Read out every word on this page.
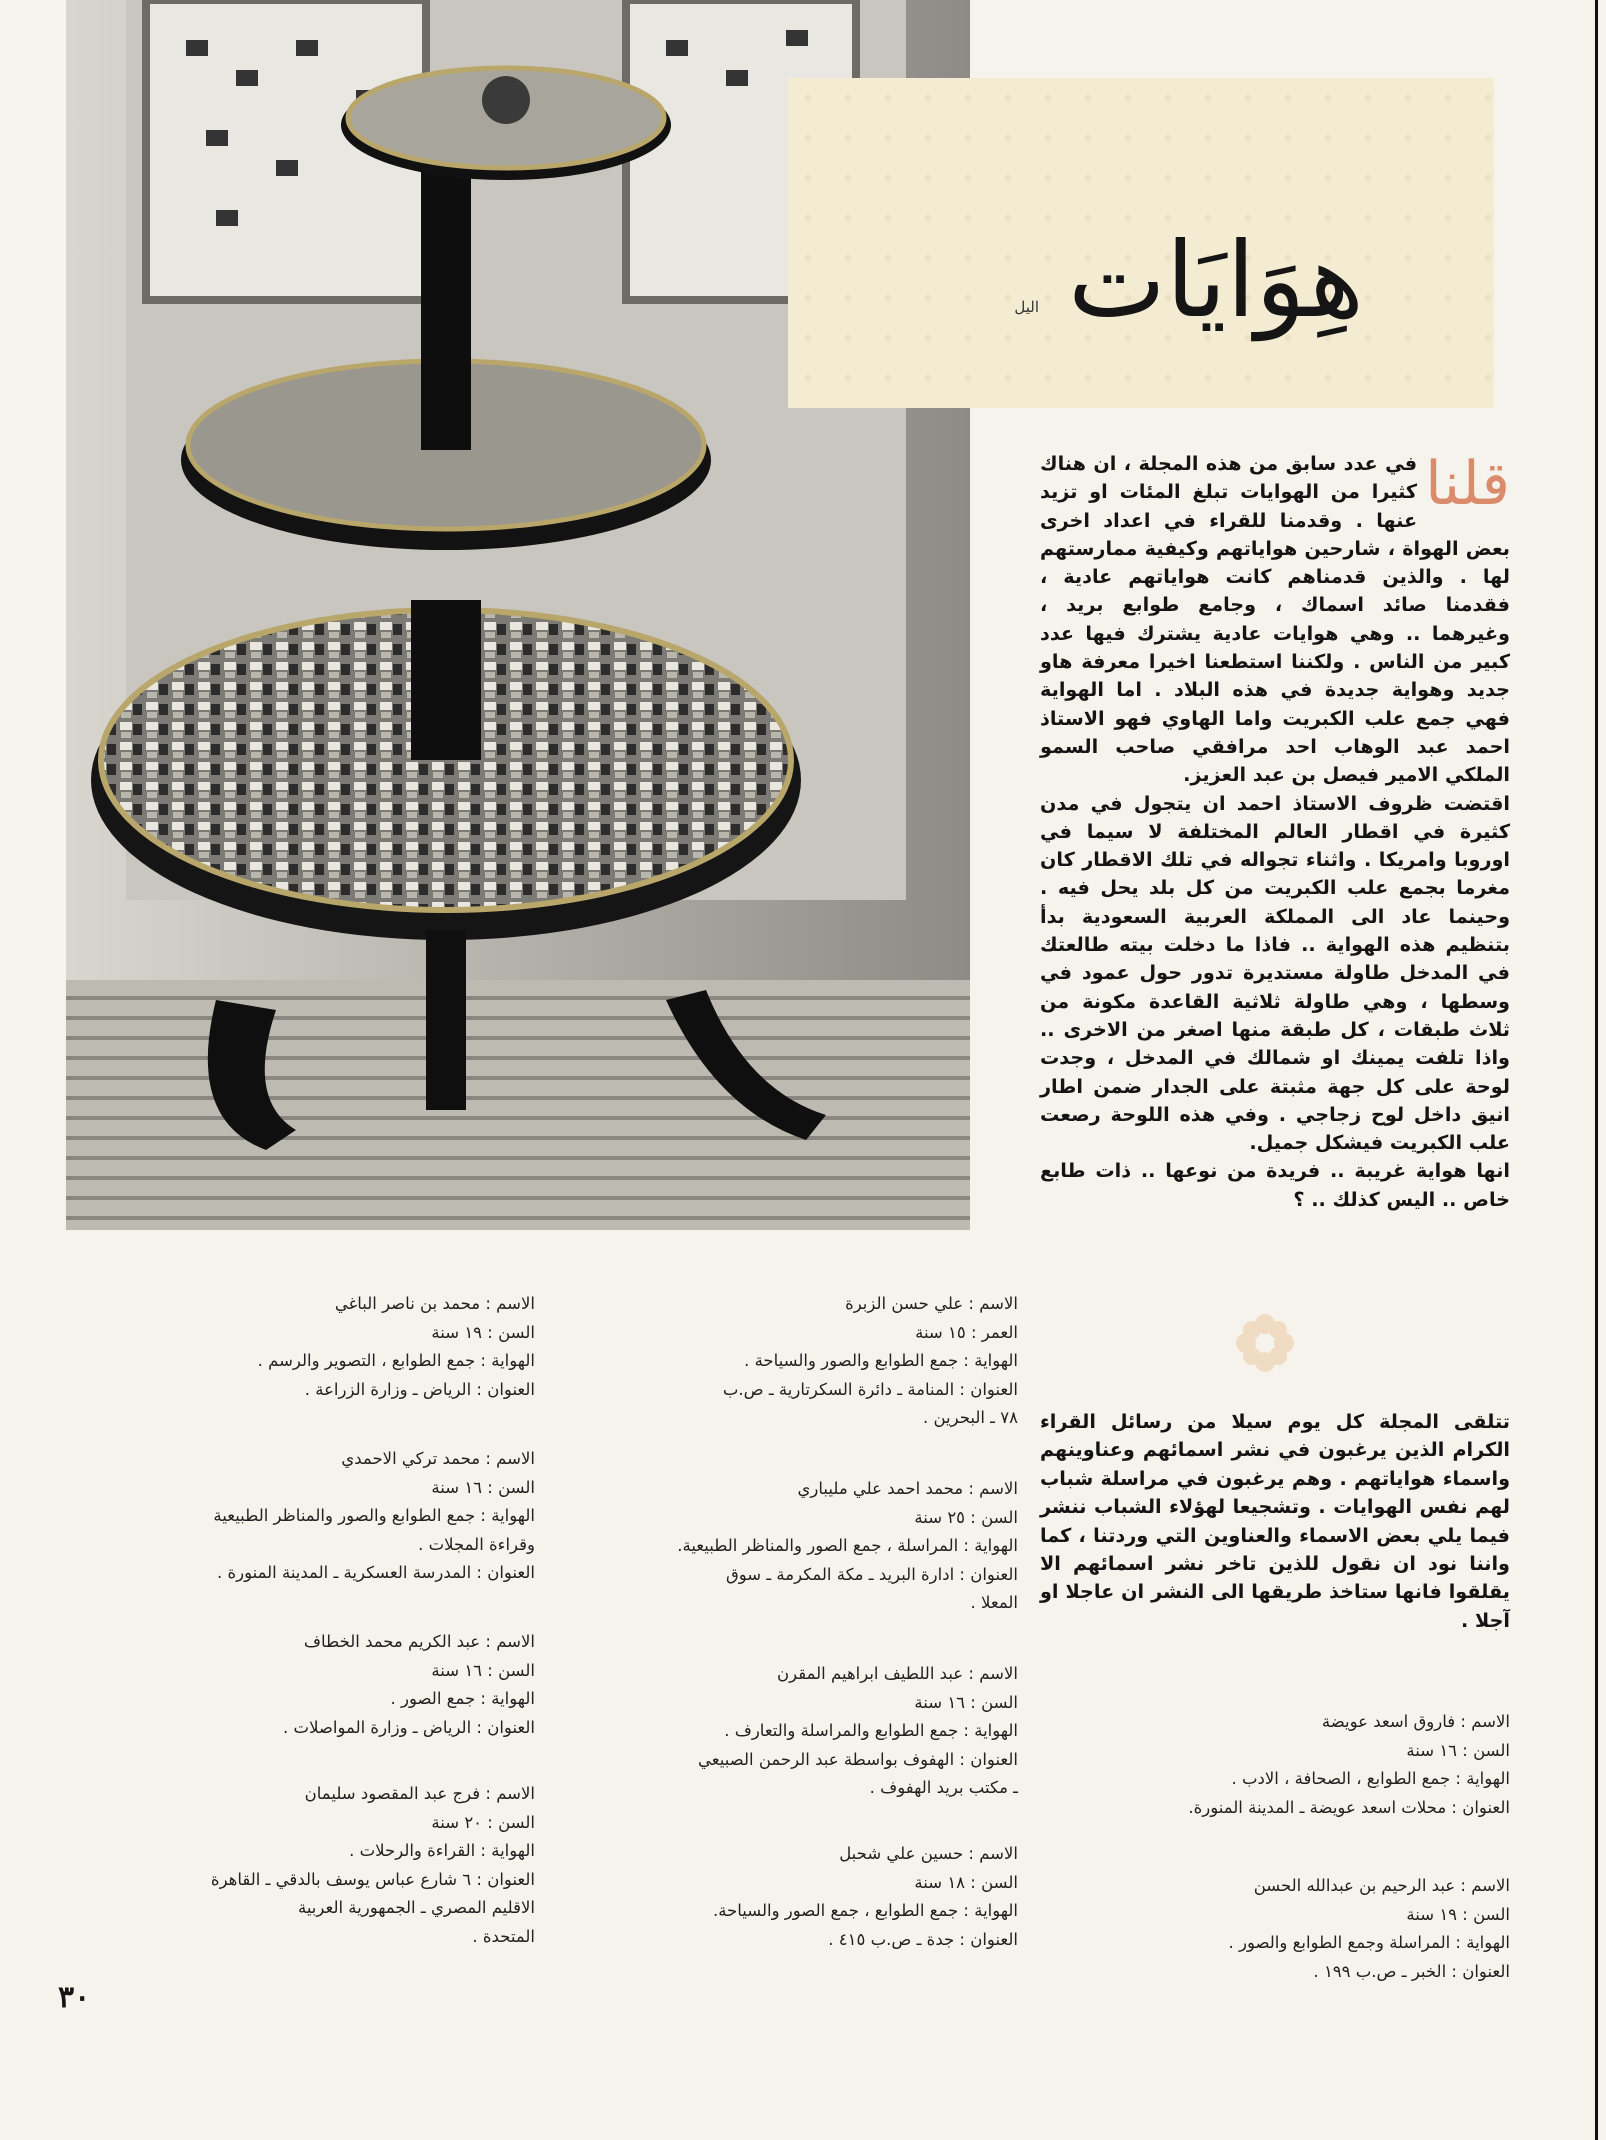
هِوَايَات
اليل
قلنا

في عدد سابق من هذه المجلة ، ان هناك كثيرا من الهوايات تبلغ المئات او تزيد عنها . وقدمنا للقراء في اعداد اخرى بعض الهواة ، شارحين هواياتهم وكيفية ممارستهم لها . والذين قدمناهم كانت هواياتهم عادية ، فقدمنا صائد اسماك ، وجامع طوابع بريد ، وغيرهما .. وهي هوايات عادية يشترك فيها عدد كبير من الناس . ولكننا استطعنا اخيرا معرفة هاو جديد وهواية جديدة في هذه البلاد . اما الهواية فهي جمع علب الكبريت واما الهاوي فهو الاستاذ احمد عبد الوهاب احد مرافقي صاحب السمو الملكي الامير فيصل بن عبد العزيز.

اقتضت ظروف الاستاذ احمد ان يتجول في مدن كثيرة في اقطار العالم المختلفة لا سيما في اوروبا وامريكا . واثناء تجواله في تلك الاقطار كان مغرما بجمع علب الكبريت من كل بلد يحل فيه . وحينما عاد الى المملكة العربية السعودية بدأ بتنظيم هذه الهواية .. فاذا ما دخلت بيته طالعتك في المدخل طاولة مستديرة تدور حول عمود في وسطها ، وهي طاولة ثلاثية القاعدة مكونة من ثلاث طبقات ، كل طبقة منها اصغر من الاخرى .. واذا تلفت يمينك او شمالك في المدخل ، وجدت لوحة على كل جهة مثبتة على الجدار ضمن اطار انيق داخل لوح زجاجي . وفي هذه اللوحة رصعت علب الكبريت فيشكل جميل.

انها هواية غريبة .. فريدة من نوعها .. ذات طابع خاص .. اليس كذلك .. ؟

تتلقى المجلة كل يوم سيلا من رسائل القراء الكرام الذين يرغبون في نشر اسمائهم وعناوينهم واسماء هواياتهم . وهم يرغبون في مراسلة شباب لهم نفس الهوايات . وتشجيعا لهؤلاء الشباب ننشر فيما يلي بعض الاسماء والعناوين التي وردتنا ، كما واننا نود ان نقول للذين تاخر نشر اسمائهم الا يقلقوا فانها ستاخذ طريقها الى النشر ان عاجلا او آجلا .
الاسم : فاروق اسعد عويضة
السن : ١٦ سنة
الهواية : جمع الطوابع ، الصحافة ، الادب .
العنوان : محلات اسعد عويضة ـ المدينة المنورة.
الاسم : عبد الرحيم بن عبدالله الحسن
السن : ١٩ سنة
الهواية : المراسلة وجمع الطوابع والصور .
العنوان : الخبر ـ ص.ب ١٩٩ .
الاسم : علي حسن الزبرة
العمر : ١٥ سنة
الهواية : جمع الطوابع والصور والسياحة .
العنوان : المنامة ـ دائرة السكرتارية ـ ص.ب
٧٨ ـ البحرين .
الاسم : محمد احمد علي مليباري
السن : ٢٥ سنة
الهواية : المراسلة ، جمع الصور والمناظر الطبيعية.
العنوان : ادارة البريد ـ مكة المكرمة ـ سوق
المعلا .
الاسم : عبد اللطيف ابراهيم المقرن
السن : ١٦ سنة
الهواية : جمع الطوابع والمراسلة والتعارف .
العنوان : الهفوف بواسطة عبد الرحمن الصبيعي
ـ مكتب بريد الهفوف .
الاسم : حسين علي شحبل
السن : ١٨ سنة
الهواية : جمع الطوابع ، جمع الصور والسياحة.
العنوان : جدة ـ ص.ب ٤١٥ .
الاسم : محمد بن ناصر الباغي
السن : ١٩ سنة
الهواية : جمع الطوابع ، التصوير والرسم .
العنوان : الرياض ـ وزارة الزراعة .
الاسم : محمد تركي الاحمدي
السن : ١٦ سنة
الهواية : جمع الطوابع والصور والمناظر الطبيعية
وقراءة المجلات .
العنوان : المدرسة العسكرية ـ المدينة المنورة .
الاسم : عبد الكريم محمد الخطاف
السن : ١٦ سنة
الهواية : جمع الصور .
العنوان : الرياض ـ وزارة المواصلات .
الاسم : فرج عبد المقصود سليمان
السن : ٢٠ سنة
الهواية : القراءة والرحلات .
العنوان : ٦ شارع عباس يوسف بالدقي ـ القاهرة
الاقليم المصري ـ الجمهورية العربية
المتحدة .
٣٠
